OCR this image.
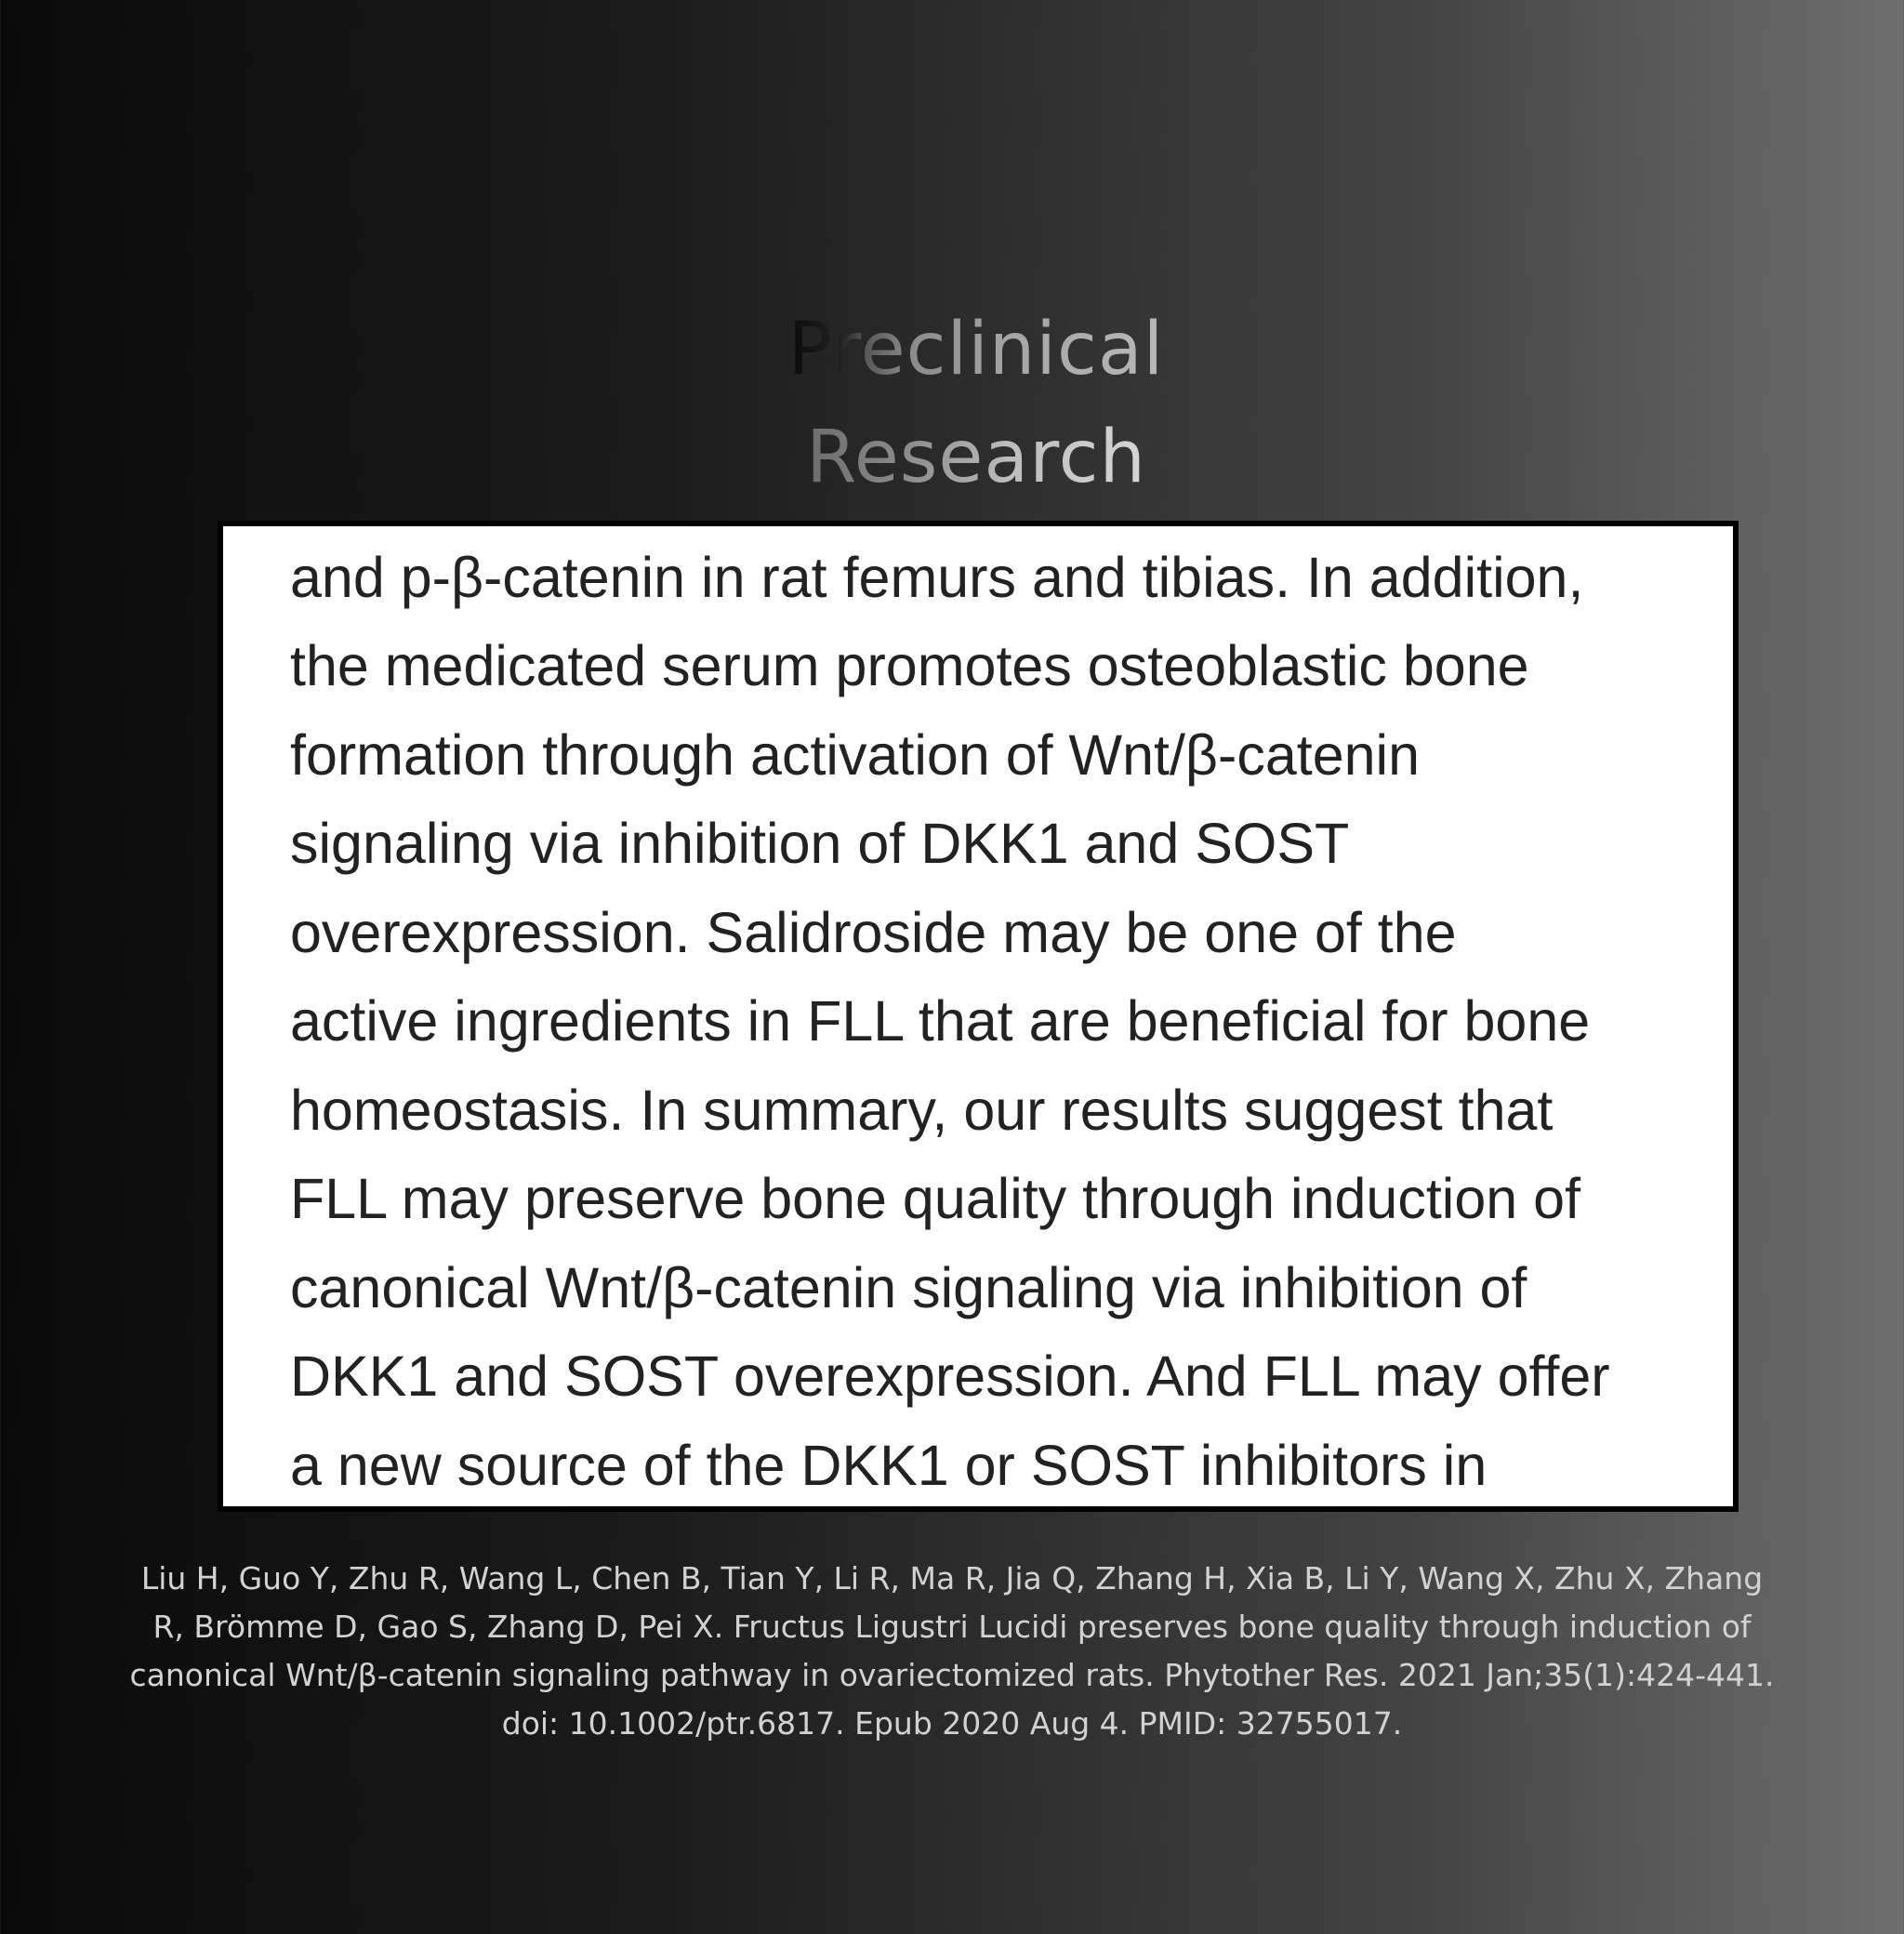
Preclinical
Research

and p-β-catenin in rat femurs and tibias. In addition,
the medicated serum promotes osteoblastic bone
formation through activation of Wnt/β-catenin
signaling via inhibition of DKK1 and SOST
overexpression. Salidroside may be one of the
active ingredients in FLL that are beneficial for bone
homeostasis. In summary, our results suggest that
FLL may preserve bone quality through induction of
canonical Wnt/β-catenin signaling via inhibition of
DKK1 and SOST overexpression. And FLL may offer
a new source of the DKK1 or SOST inhibitors in

Liu H, Guo Y, Zhu R, Wang L, Chen B, Tian Y, Li R, Ma R, Jia Q, Zhang H, Xia B, Li Y, Wang X, Zhu X, Zhang R, Brömme D, Gao S, Zhang D, Pei X. Fructus Ligustri Lucidi preserves bone quality through induction of canonical Wnt/β-catenin signaling pathway in ovariectomized rats. Phytother Res. 2021 Jan;35(1):424-441. doi: 10.1002/ptr.6817. Epub 2020 Aug 4. PMID: 32755017.
